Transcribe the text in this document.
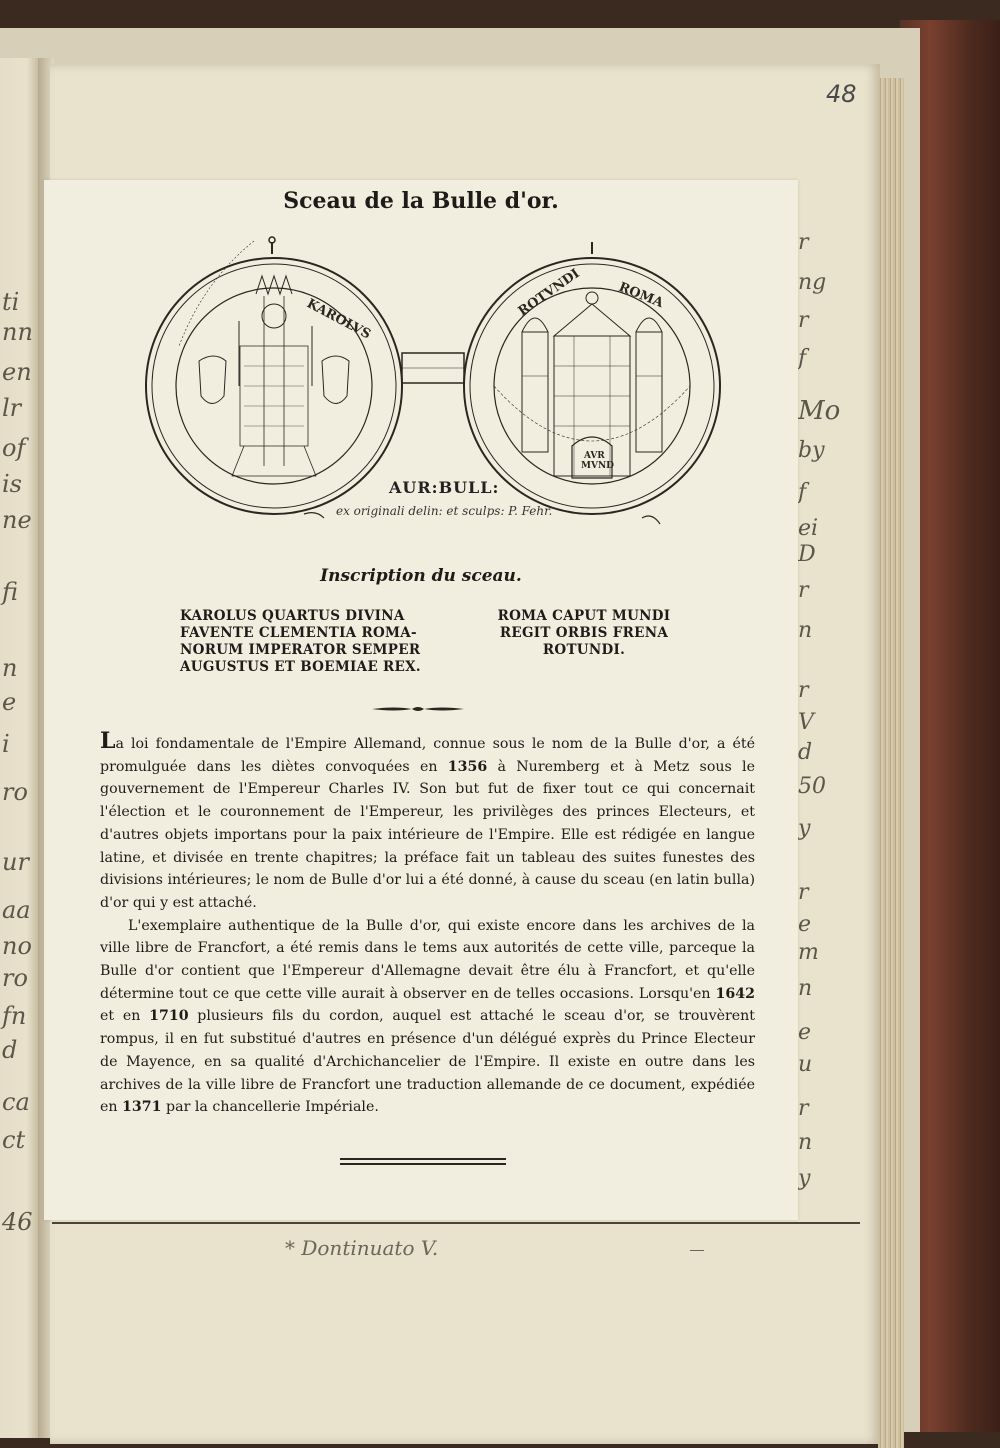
ti
nn
en
lr
of
is
ne
fi
n
e
i
ro
ur
aa
no
ro
fn
d
ca
ct
46
48
r
ng
r
f
Mo
by
f
ei
D
r
n
r
V
d
50
y
r
e
m
n
e
u
r
n
y
Sceau de la Bulle d'or.
KAROLVS
ROTVNDI	ROMA
AVR
MVND
AUR:BULL:
ex originali delin: et sculps: P. Fehr.
Inscription du sceau.
KAROLUS QUARTUS DIVINA
FAVENTE CLEMENTIA ROMA-
NORUM IMPERATOR SEMPER
AUGUSTUS ET BOEMIAE REX.
ROMA CAPUT MUNDI
REGIT ORBIS FRENA
ROTUNDI.

La loi fondamentale de l'Empire Allemand, connue sous le nom de la Bulle d'or, a été promulguée dans les diètes convoquées en 1356 à Nuremberg et à Metz sous le gouvernement de l'Empereur Charles IV. Son but fut de fixer tout ce qui concernait l'élection et le couronnement de l'Empereur, les privilèges des princes Electeurs, et d'autres objets importans pour la paix intérieure de l'Empire. Elle est rédigée en langue latine, et divisée en trente chapitres; la préface fait un tableau des suites funestes des divisions intérieures; le nom de Bulle d'or lui a été donné, à cause du sceau (en latin bulla) d'or qui y est attaché.

L'exemplaire authentique de la Bulle d'or, qui existe encore dans les archives de la ville libre de Francfort, a été remis dans le tems aux autorités de cette ville, parceque la Bulle d'or contient que l'Empereur d'Allemagne devait être élu à Francfort, et qu'elle détermine tout ce que cette ville aurait à observer en de telles occasions. Lorsqu'en 1642 et en 1710 plusieurs fils du cordon, auquel est attaché le sceau d'or, se trouvèrent rompus, il en fut substitué d'autres en présence d'un délégué exprès du Prince Electeur de Mayence, en sa qualité d'Archichancelier de l'Empire. Il existe en outre dans les archives de la ville libre de Francfort une traduction allemande de ce document, expédiée en 1371 par la chancellerie Impériale.

* Dontinuato V.
